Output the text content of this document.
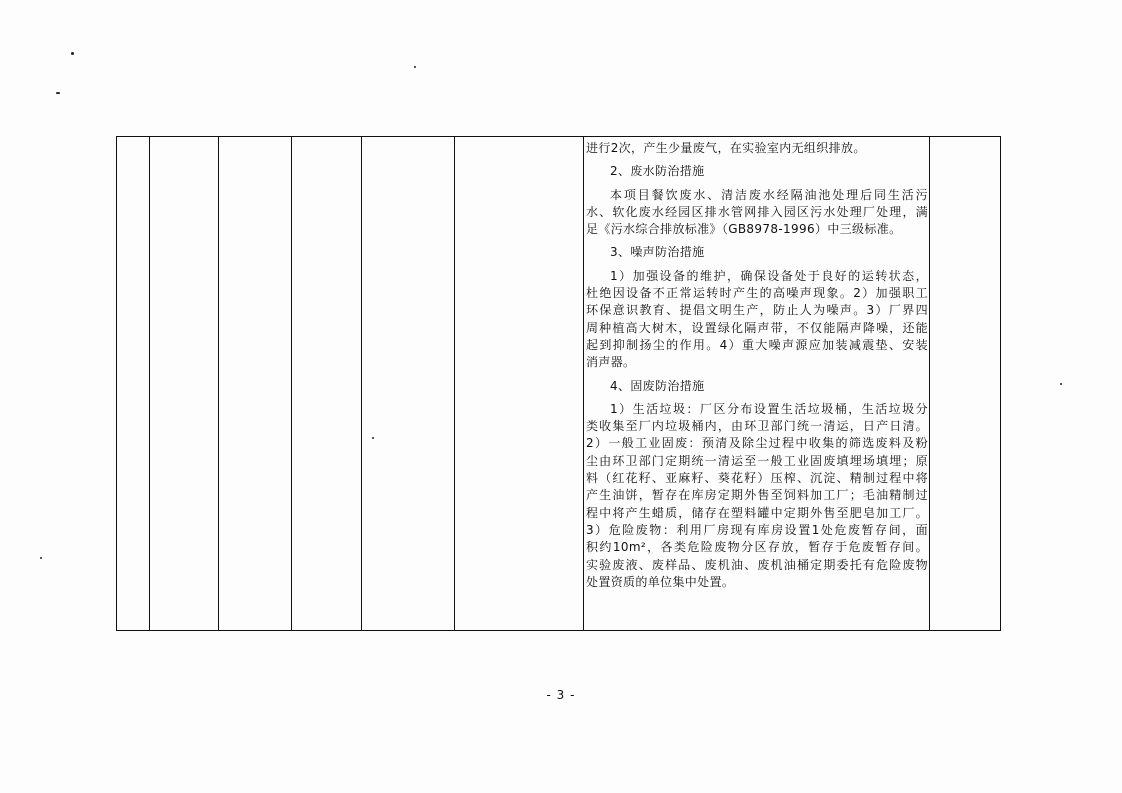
进行2次，产生少量废气，在实验室内无组织排放。
2、废水防治措施
本项目餐饮废水、清洁废水经隔油池处理后同生活污
水、软化废水经园区排水管网排入园区污水处理厂处理，满
足《污水综合排放标准》（GB8978-1996）中三级标准。
3、噪声防治措施
1）加强设备的维护，确保设备处于良好的运转状态，
杜绝因设备不正常运转时产生的高噪声现象。2）加强职工
环保意识教育、提倡文明生产，防止人为噪声。3）厂界四
周种植高大树木，设置绿化隔声带，不仅能隔声降噪，还能
起到抑制扬尘的作用。4）重大噪声源应加装减震垫、安装
消声器。
4、固废防治措施
1）生活垃圾：厂区分布设置生活垃圾桶，生活垃圾分
类收集至厂内垃圾桶内，由环卫部门统一清运，日产日清。
2）一般工业固废：预清及除尘过程中收集的筛选废料及粉
尘由环卫部门定期统一清运至一般工业固废填埋场填埋；原
料（红花籽、亚麻籽、葵花籽）压榨、沉淀、精制过程中将
产生油饼，暂存在库房定期外售至饲料加工厂；毛油精制过
程中将产生蜡质，储存在塑料罐中定期外售至肥皂加工厂。
3）危险废物：利用厂房现有库房设置1处危废暂存间，面
积约10m²，各类危险废物分区存放，暂存于危废暂存间。
实验废液、废样品、废机油、废机油桶定期委托有危险废物
处置资质的单位集中处置。
- 3 -
